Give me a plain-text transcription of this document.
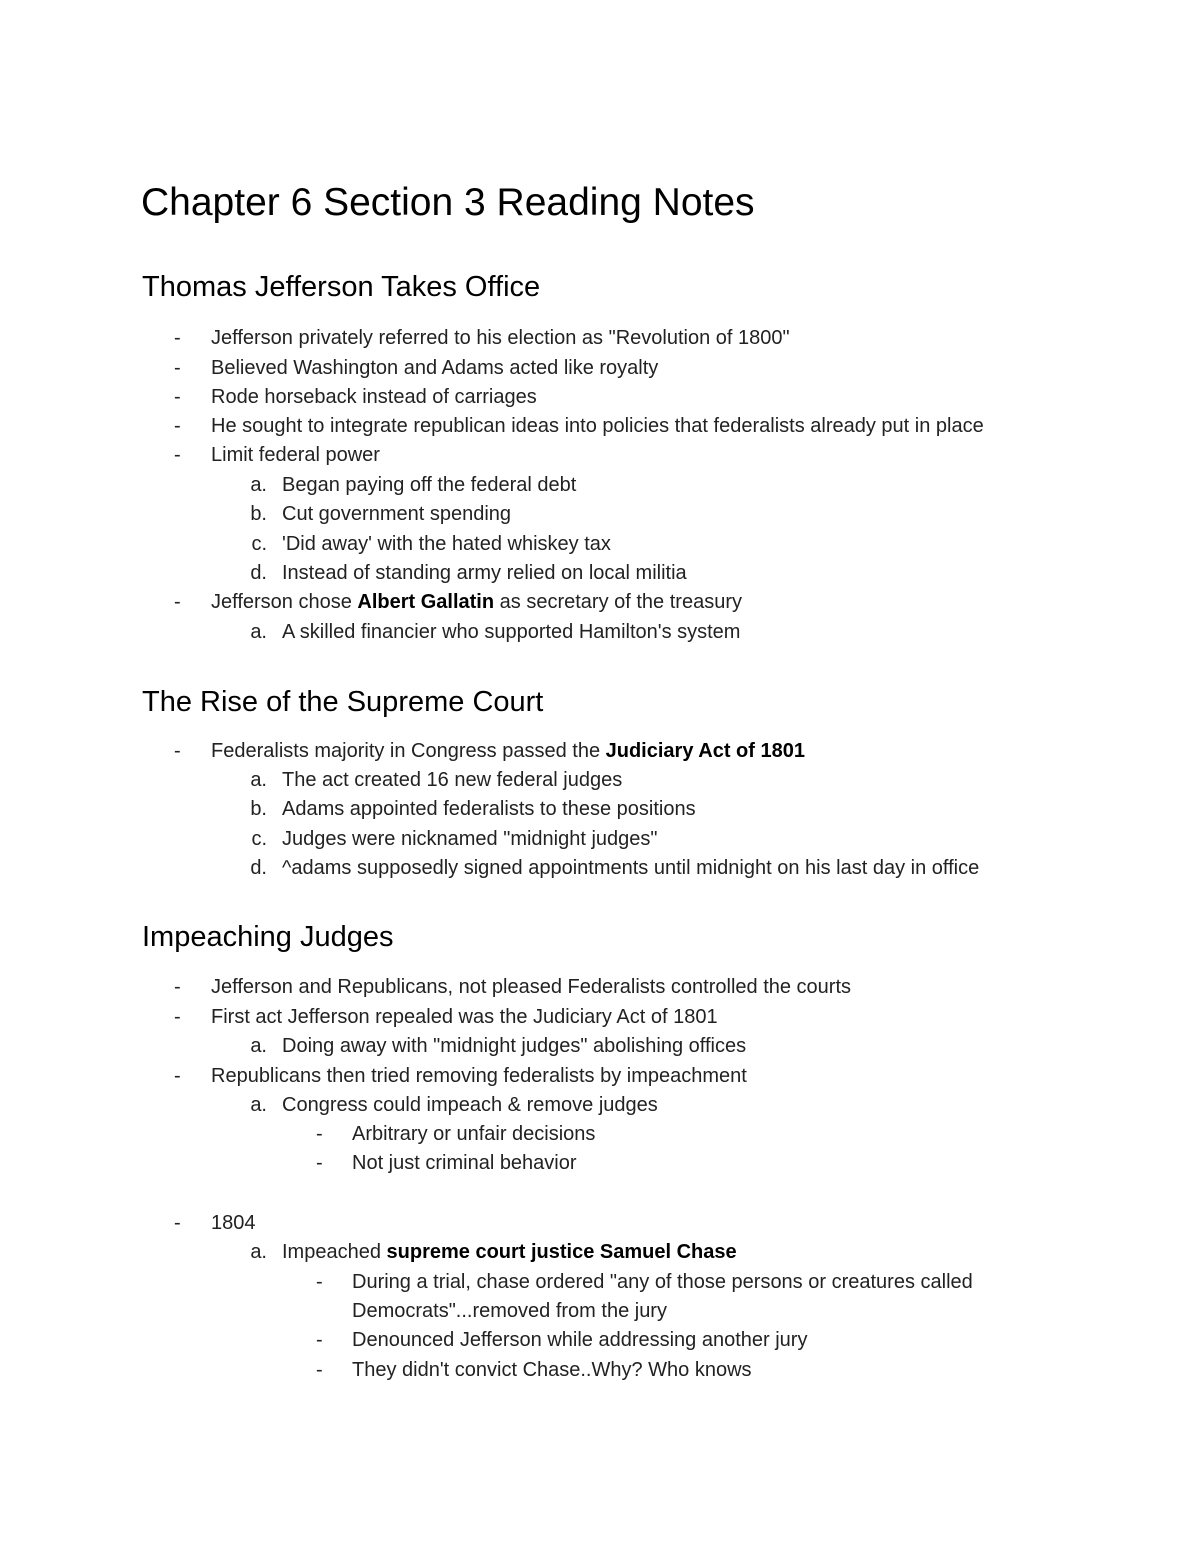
Chapter 6 Section 3 Reading Notes
Thomas Jefferson Takes Office
- Jefferson privately referred to his election as "Revolution of 1800"
- Believed Washington and Adams acted like royalty
- Rode horseback instead of carriages
- He sought to integrate republican ideas into policies that federalists already put in place
- Limit federal power
a. Began paying off the federal debt
b. Cut government spending
c. 'Did away' with the hated whiskey tax
d. Instead of standing army relied on local militia
- Jefferson chose Albert Gallatin as secretary of the treasury
a. A skilled financier who supported Hamilton's system
The Rise of the Supreme Court
- Federalists majority in Congress passed the Judiciary Act of 1801
a. The act created 16 new federal judges
b. Adams appointed federalists to these positions
c. Judges were nicknamed "midnight judges"
d. ^adams supposedly signed appointments until midnight on his last day in office
Impeaching Judges
- Jefferson and Republicans, not pleased Federalists controlled the courts
- First act Jefferson repealed was the Judiciary Act of 1801
a. Doing away with "midnight judges" abolishing offices
- Republicans then tried removing federalists by impeachment
a. Congress could impeach & remove judges
- Arbitrary or unfair decisions
- Not just criminal behavior
- 1804
a. Impeached supreme court justice Samuel Chase
- During a trial, chase ordered "any of those persons or creatures called
Democrats"...removed from the jury
- Denounced Jefferson while addressing another jury
- They didn't convict Chase..Why? Who knows
